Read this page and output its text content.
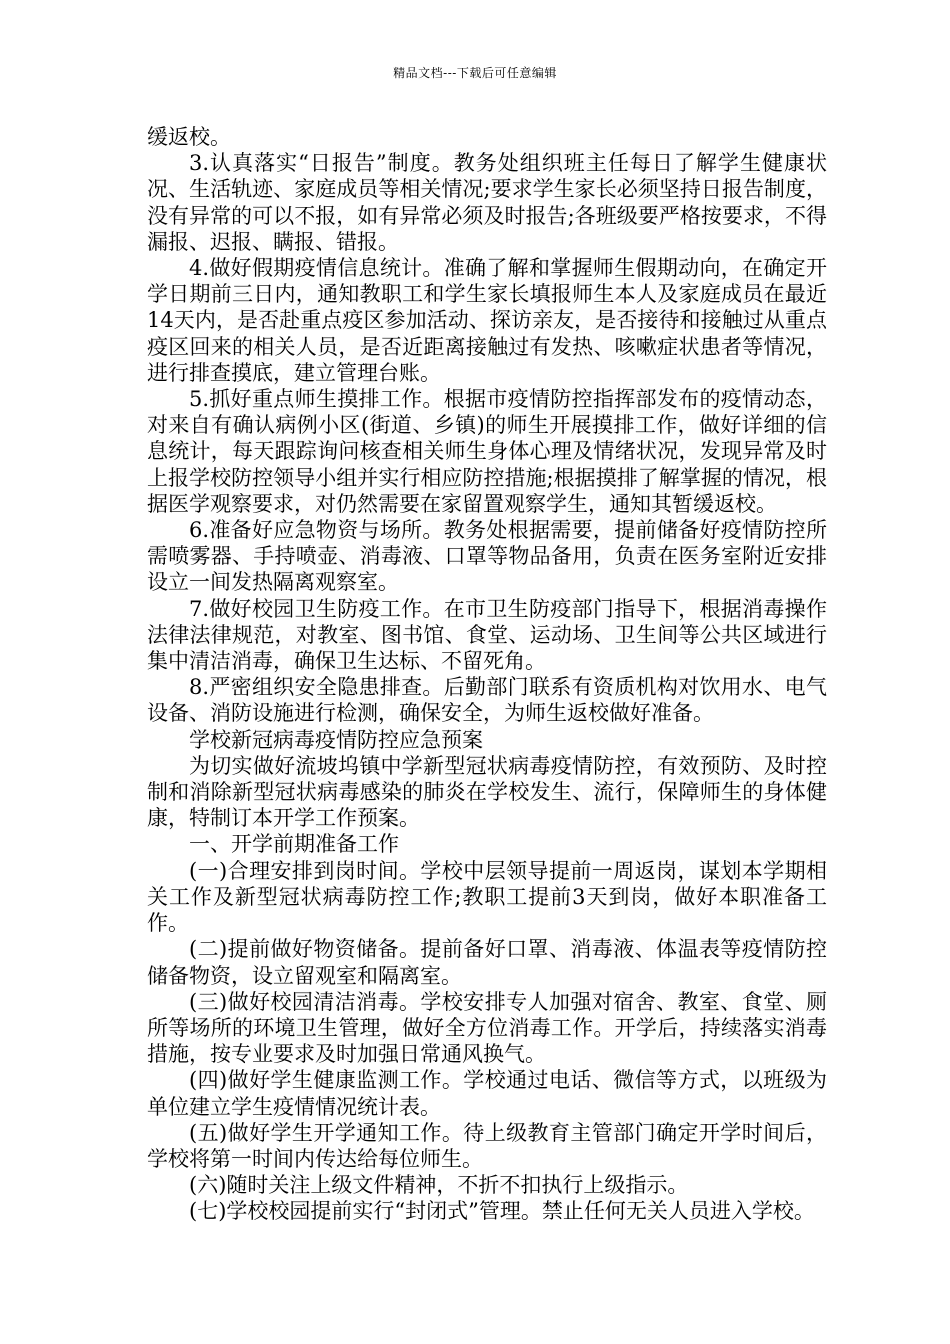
精品文档---下载后可任意编辑

缓返校。

3.认真落实“日报告”制度。教务处组织班主任每日了解学生健康状况、生活轨迹、家庭成员等相关情况;要求学生家长必须坚持日报告制度，没有异常的可以不报，如有异常必须及时报告;各班级要严格按要求，不得漏报、迟报、瞒报、错报。

4.做好假期疫情信息统计。准确了解和掌握师生假期动向，在确定开学日期前三日内，通知教职工和学生家长填报师生本人及家庭成员在最近14天内，是否赴重点疫区参加活动、探访亲友，是否接待和接触过从重点疫区回来的相关人员，是否近距离接触过有发热、咳嗽症状患者等情况，进行排查摸底，建立管理台账。

5.抓好重点师生摸排工作。根据市疫情防控指挥部发布的疫情动态，对来自有确认病例小区(街道、乡镇)的师生开展摸排工作，做好详细的信息统计，每天跟踪询问核查相关师生身体心理及情绪状况，发现异常及时上报学校防控领导小组并实行相应防控措施;根据摸排了解掌握的情况，根据医学观察要求，对仍然需要在家留置观察学生，通知其暂缓返校。

6.准备好应急物资与场所。教务处根据需要，提前储备好疫情防控所需喷雾器、手持喷壶、消毒液、口罩等物品备用，负责在医务室附近安排设立一间发热隔离观察室。

7.做好校园卫生防疫工作。在市卫生防疫部门指导下，根据消毒操作法律法律规范，对教室、图书馆、食堂、运动场、卫生间等公共区域进行集中清洁消毒，确保卫生达标、不留死角。

8.严密组织安全隐患排查。后勤部门联系有资质机构对饮用水、电气设备、消防设施进行检测，确保安全，为师生返校做好准备。

学校新冠病毒疫情防控应急预案

为切实做好流坡坞镇中学新型冠状病毒疫情防控，有效预防、及时控制和消除新型冠状病毒感染的肺炎在学校发生、流行，保障师生的身体健康，特制订本开学工作预案。

一、开学前期准备工作

(一)合理安排到岗时间。学校中层领导提前一周返岗，谋划本学期相关工作及新型冠状病毒防控工作;教职工提前3天到岗，做好本职准备工作。

(二)提前做好物资储备。提前备好口罩、消毒液、体温表等疫情防控储备物资，设立留观室和隔离室。

(三)做好校园清洁消毒。学校安排专人加强对宿舍、教室、食堂、厕所等场所的环境卫生管理，做好全方位消毒工作。开学后，持续落实消毒措施，按专业要求及时加强日常通风换气。

(四)做好学生健康监测工作。学校通过电话、微信等方式，以班级为单位建立学生疫情情况统计表。

(五)做好学生开学通知工作。待上级教育主管部门确定开学时间后，学校将第一时间内传达给每位师生。

(六)随时关注上级文件精神，不折不扣执行上级指示。

(七)学校校园提前实行“封闭式”管理。禁止任何无关人员进入学校。
